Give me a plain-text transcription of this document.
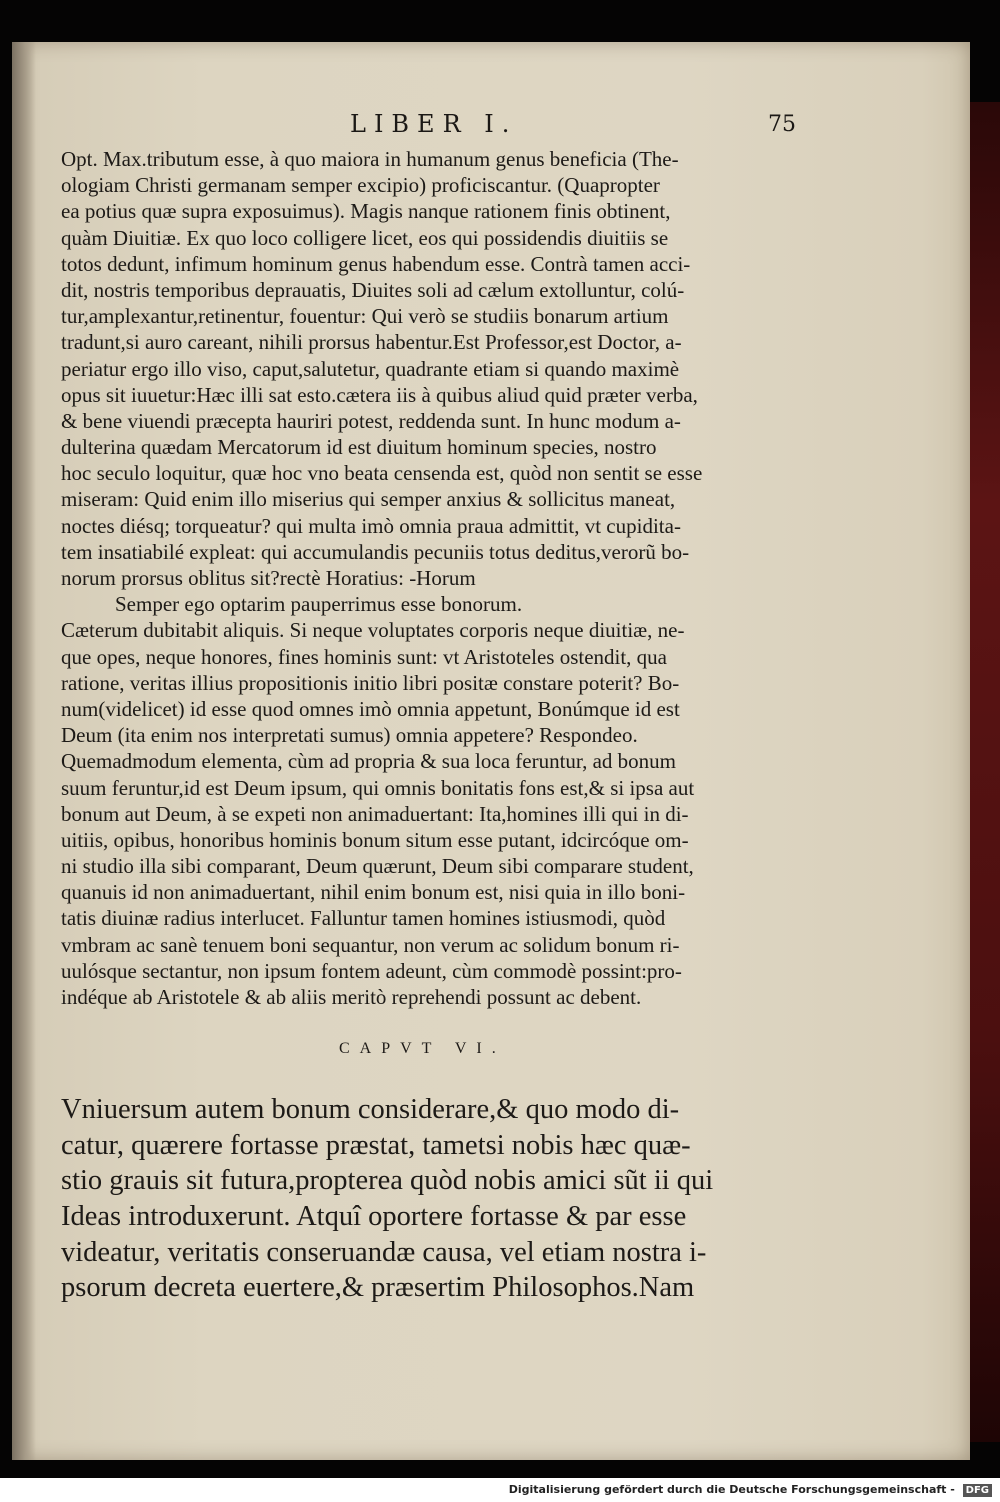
LIBER I.	75
Opt. Max.tributum esse, à quo maiora in humanum genus beneficia (The-
ologiam Christi germanam semper excipio) proficiscantur. (Quapropter
ea potius quæ supra exposuimus). Magis nanque rationem finis obtinent,
quàm Diuitiæ. Ex quo loco colligere licet, eos qui possidendis diuitiis se
totos dedunt, infimum hominum genus habendum esse. Contrà tamen acci-
dit, nostris temporibus deprauatis, Diuites soli ad cælum extolluntur, colú-
tur,amplexantur,retinentur, fouentur: Qui verò se studiis bonarum artium
tradunt,si auro careant, nihili prorsus habentur.Est Professor,est Doctor, a-
periatur ergo illo viso, caput,salutetur, quadrante etiam si quando maximè
opus sit iuuetur:Hæc illi sat esto.cætera iis à quibus aliud quid præter verba,
& bene viuendi præcepta hauriri potest, reddenda sunt. In hunc modum a-
dulterina quædam Mercatorum id est diuitum hominum species, nostro
hoc seculo loquitur, quæ hoc vno beata censenda est, quòd non sentit se esse
miseram: Quid enim illo miserius qui semper anxius & sollicitus maneat,
noctes diésq; torqueatur? qui multa imò omnia praua admittit, vt cupidita-
tem insatiabilé expleat: qui accumulandis pecuniis totus deditus,verorũ bo-
norum prorsus oblitus sit?rectè Horatius: -Horum
Semper ego optarim pauperrimus esse bonorum.
Cæterum dubitabit aliquis. Si neque voluptates corporis neque diuitiæ, ne-
que opes, neque honores, fines hominis sunt: vt Aristoteles ostendit, qua
ratione, veritas illius propositionis initio libri positæ constare poterit? Bo-
num(videlicet) id esse quod omnes imò omnia appetunt, Bonúmque id est
Deum (ita enim nos interpretati sumus) omnia appetere? Respondeo.
Quemadmodum elementa, cùm ad propria & sua loca feruntur, ad bonum
suum feruntur,id est Deum ipsum, qui omnis bonitatis fons est,& si ipsa aut
bonum aut Deum, à se expeti non animaduertant: Ita,homines illi qui in di-
uitiis, opibus, honoribus hominis bonum situm esse putant, idcircóque om-
ni studio illa sibi comparant, Deum quærunt, Deum sibi comparare student,
quanuis id non animaduertant, nihil enim bonum est, nisi quia in illo boni-
tatis diuinæ radius interlucet. Falluntur tamen homines istiusmodi, quòd
vmbram ac sanè tenuem boni sequantur, non verum ac solidum bonum ri-
uulósque sectantur, non ipsum fontem adeunt, cùm commodè possint:pro-
indéque ab Aristotele & ab aliis meritò reprehendi possunt ac debent.
CAPVT VI.
Vniuersum autem bonum considerare,& quo modo di-
catur, quærere fortasse præstat, tametsi nobis hæc quæ-
stio grauis sit futura,propterea quòd nobis amici sũt ii qui
Ideas introduxerunt. Atquî oportere fortasse & par esse
videatur, veritatis conseruandæ causa, vel etiam nostra i-
psorum decreta euertere,& præsertim Philosophos.Nam
Digitalisierung gefördert durch die Deutsche Forschungsgemeinschaft - DFG
